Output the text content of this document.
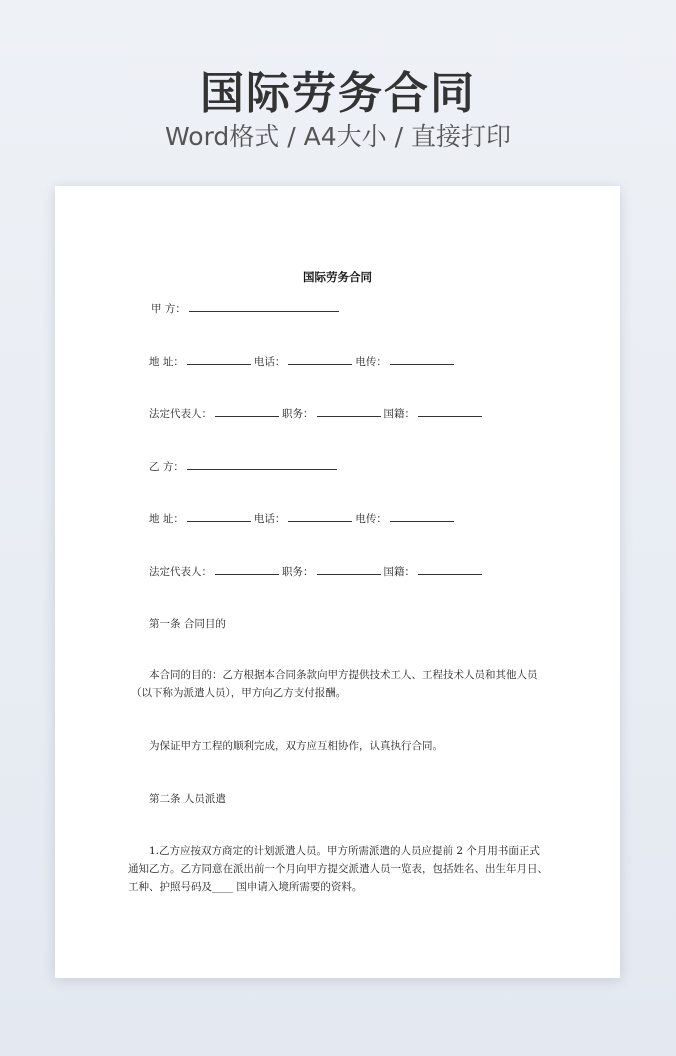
国际劳务合同
Word格式 / A4大小 / 直接打印
国际劳务合同
甲 方：
地 址：	电话：	电传：
法定代表人：	职务：	国籍：
乙 方：
地 址：	电话：	电传：
法定代表人：	职务：	国籍：
第一条 合同目的
本合同的目的：乙方根据本合同条款向甲方提供技术工人、工程技术人员和其他人员
（以下称为派遣人员），甲方向乙方支付报酬。
为保证甲方工程的顺利完成，双方应互相协作，认真执行合同。
第二条 人员派遣
1.乙方应按双方商定的计划派遣人员。甲方所需派遣的人员应提前 2 个月用书面正式
通知乙方。乙方同意在派出前一个月向甲方提交派遣人员一览表，包括姓名、出生年月日、
工种、护照号码及____ 国申请入境所需要的资料。
